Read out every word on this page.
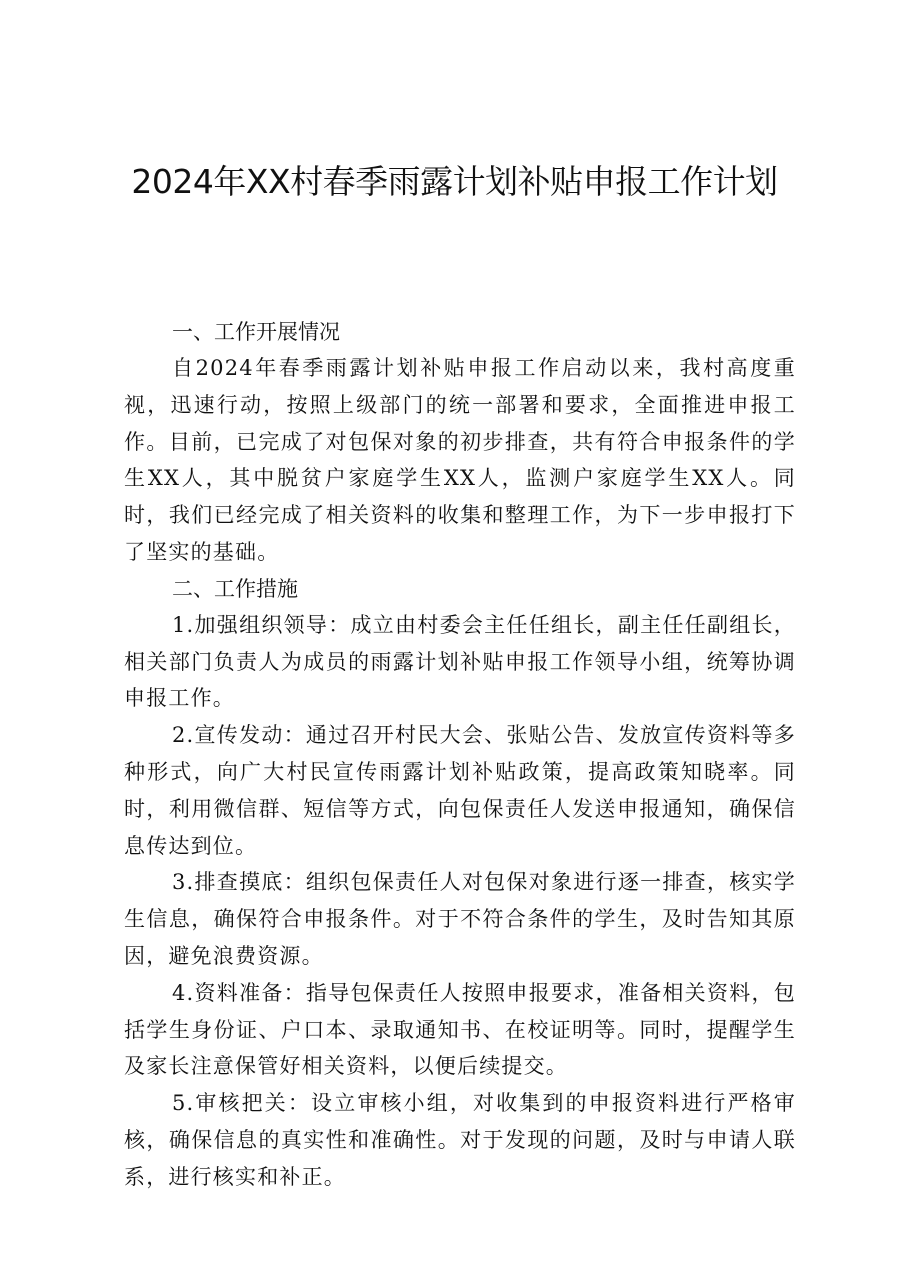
2024年XX村春季雨露计划补贴申报工作计划
一、工作开展情况

自2024年春季雨露计划补贴申报工作启动以来，我村高度重视，迅速行动，按照上级部门的统一部署和要求，全面推进申报工作。目前，已完成了对包保对象的初步排查，共有符合申报条件的学生XX人，其中脱贫户家庭学生XX人，监测户家庭学生XX人。同时，我们已经完成了相关资料的收集和整理工作，为下一步申报打下了坚实的基础。

二、工作措施

1.加强组织领导：成立由村委会主任任组长，副主任任副组长，相关部门负责人为成员的雨露计划补贴申报工作领导小组，统筹协调申报工作。

2.宣传发动：通过召开村民大会、张贴公告、发放宣传资料等多种形式，向广大村民宣传雨露计划补贴政策，提高政策知晓率。同时，利用微信群、短信等方式，向包保责任人发送申报通知，确保信息传达到位。

3.排查摸底：组织包保责任人对包保对象进行逐一排查，核实学生信息，确保符合申报条件。对于不符合条件的学生，及时告知其原因，避免浪费资源。

4.资料准备：指导包保责任人按照申报要求，准备相关资料，包括学生身份证、户口本、录取通知书、在校证明等。同时，提醒学生及家长注意保管好相关资料，以便后续提交。

5.审核把关：设立审核小组，对收集到的申报资料进行严格审核，确保信息的真实性和准确性。对于发现的问题，及时与申请人联系，进行核实和补正。
